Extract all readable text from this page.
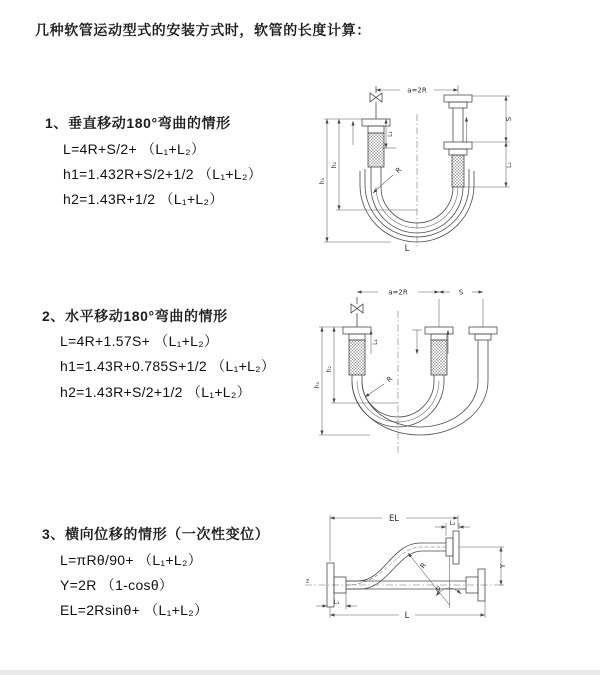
几种软管运动型式的安装方式时，软管的长度计算：
1、垂直移动180°弯曲的情形
L=4R+S/2+ （L₁+L₂）
h1=1.432R+S/2+1/2 （L₁+L₂）
h2=1.43R+1/2 （L₁+L₂）
2、水平移动180°弯曲的情形
L=4R+1.57S+ （L₁+L₂）
h1=1.43R+0.785S+1/2 （L₁+L₂）
h2=1.43R+S/2+1/2 （L₁+L₂）
3、横向位移的情形（一次性变位）
L=πRθ/90+ （L₁+L₂）
Y=2R （1-cosθ）
EL=2Rsinθ+ （L₁+L₂）
a=2R
L₁
S
L₂
h₁
h₂
R
L
a=2R	S
L₁
h₁
h₂
R
z
θ
R
EL	L₂
Y
L₁
L
